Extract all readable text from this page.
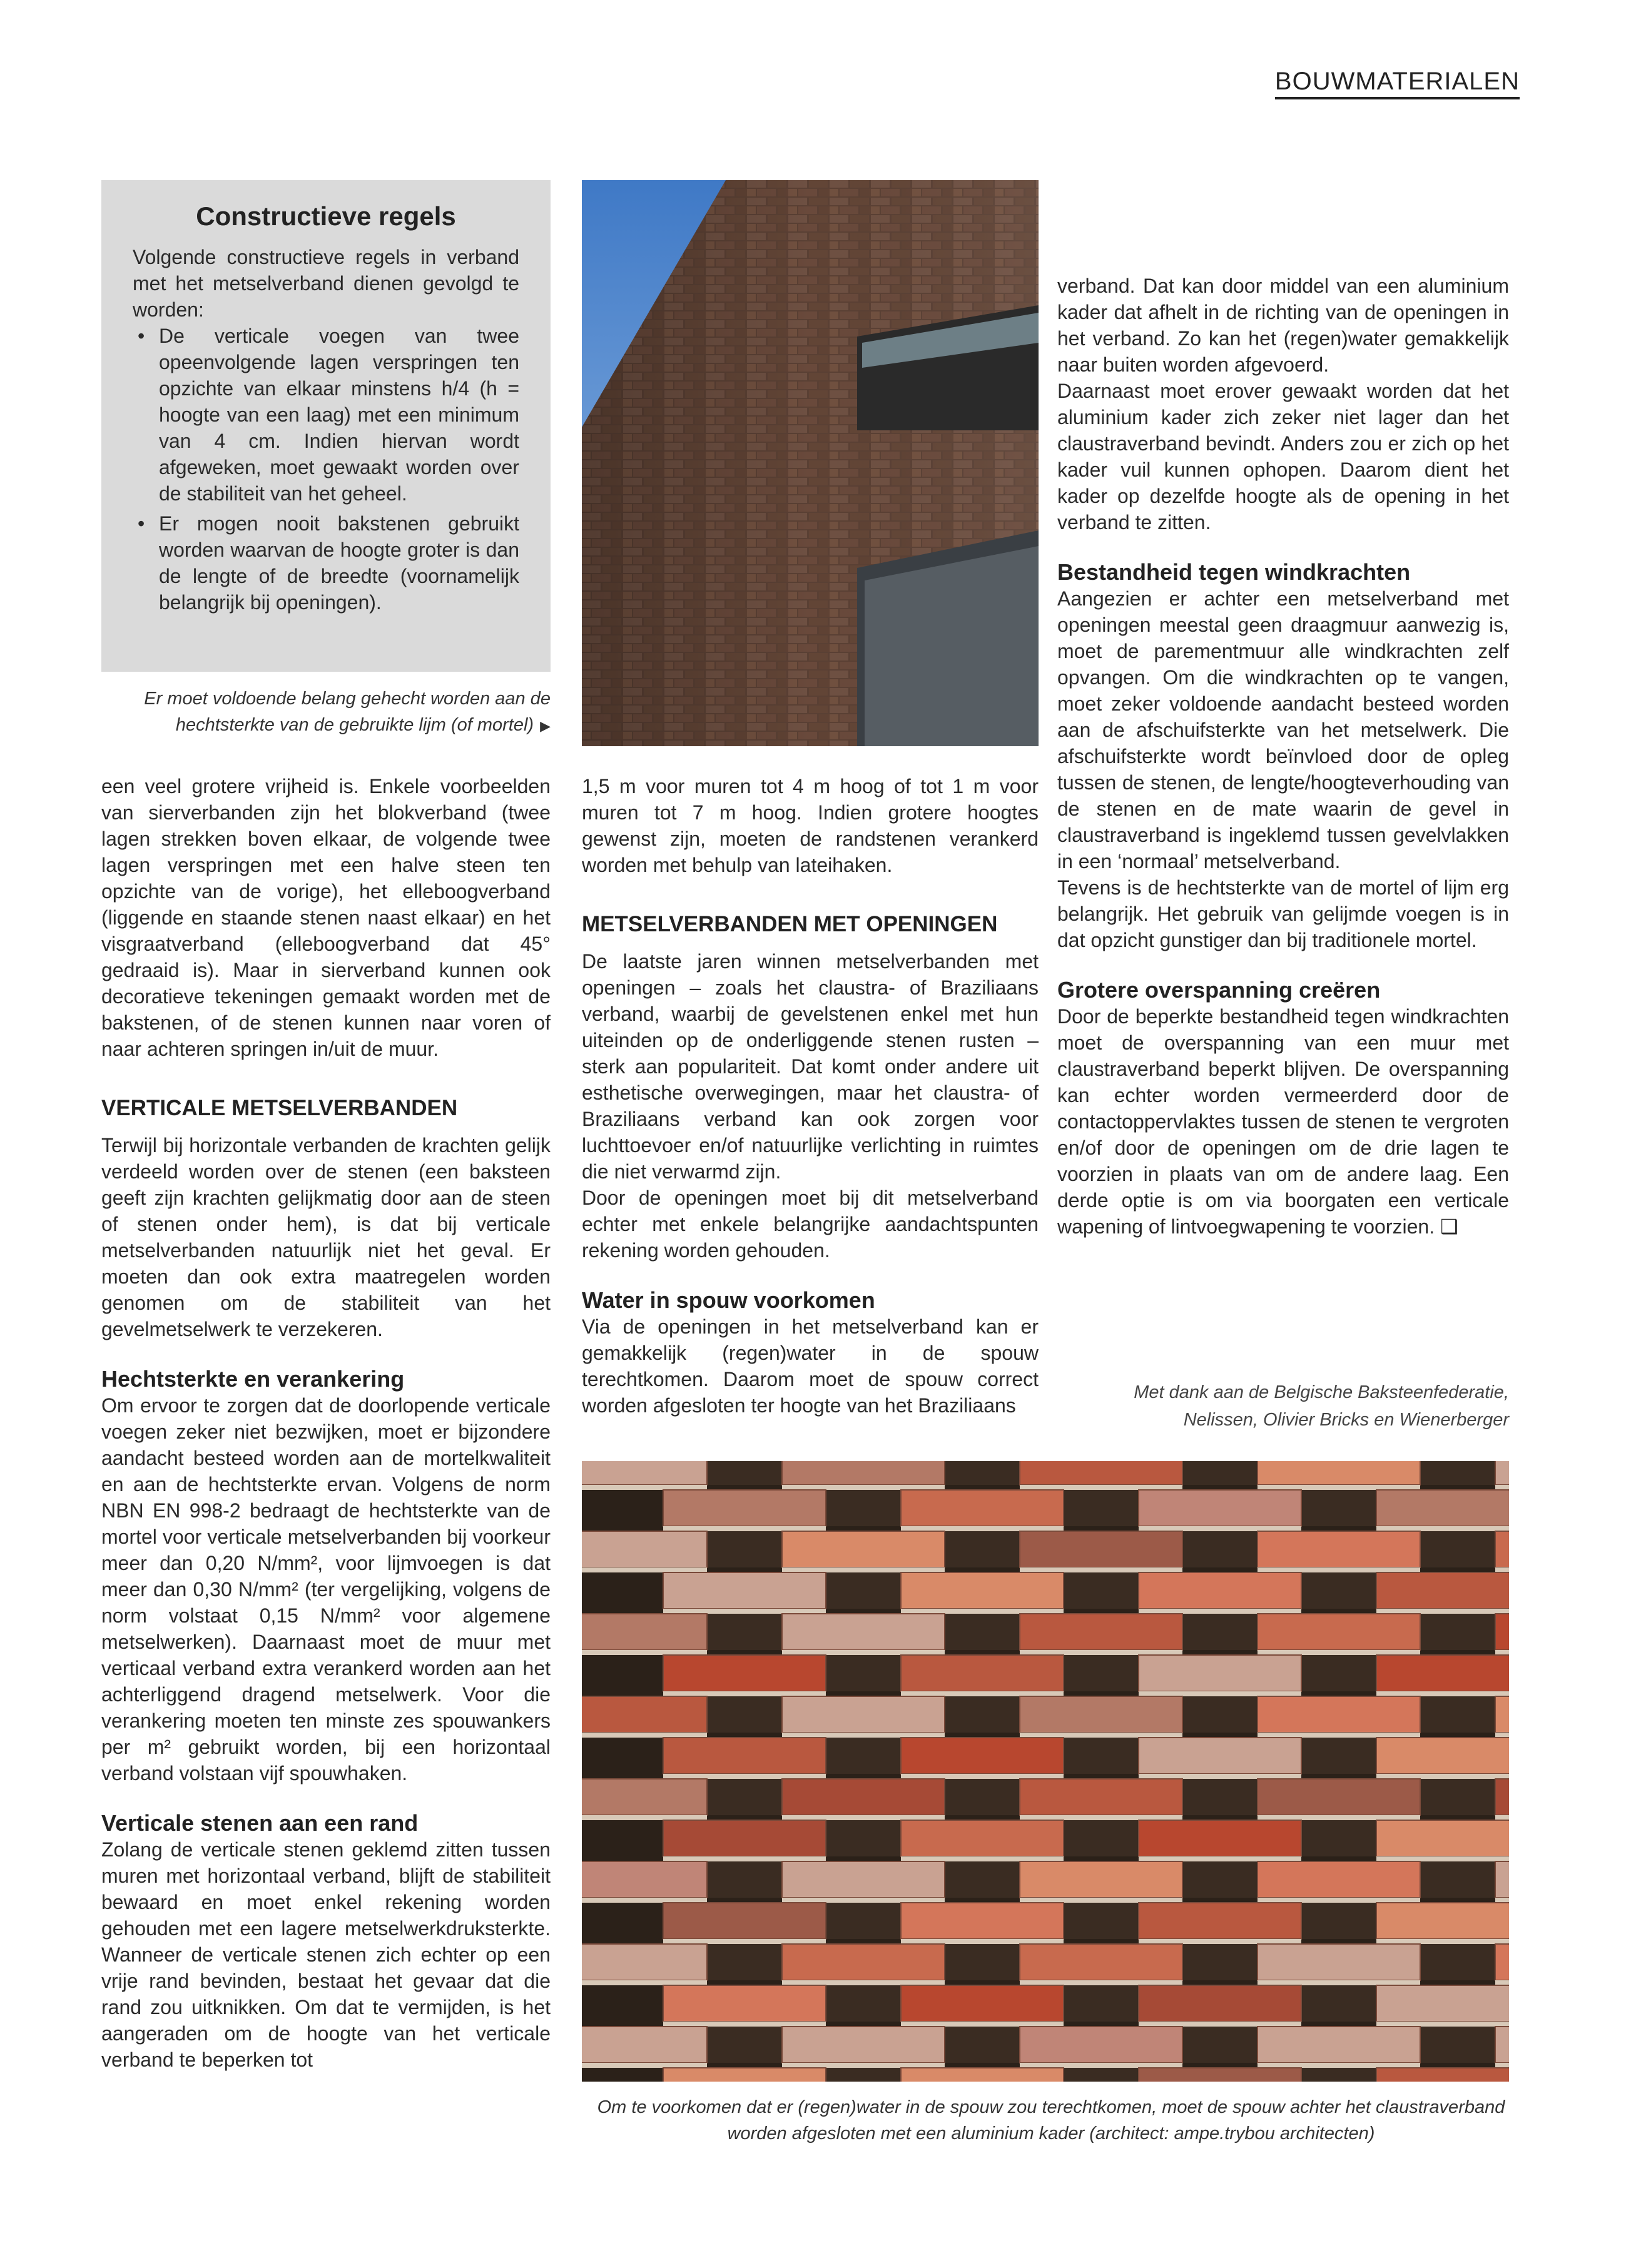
BOUWMATERIALEN
Constructieve regels

Volgende constructieve regels in verband met het metselverband dienen gevolgd te worden:

• De verticale voegen van twee opeenvolgende lagen verspringen ten opzichte van elkaar minstens h/4 (h = hoogte van een laag) met een minimum van 4 cm. Indien hiervan wordt afgeweken, moet gewaakt worden over de stabiliteit van het geheel.
• Er mogen nooit bakstenen gebruikt worden waarvan de hoogte groter is dan de lengte of de breedte (voornamelijk belangrijk bij openingen).
Er moet voldoende belang gehecht worden aan de hechtsterkte van de gebruikte lijm (of mortel) ▶

een veel grotere vrijheid is. Enkele voorbeelden van sierverbanden zijn het blokverband (twee lagen strekken boven elkaar, de volgende twee lagen verspringen met een halve steen ten opzichte van de vorige), het elleboogverband (liggende en staande stenen naast elkaar) en het visgraatverband (elleboogverband dat 45° gedraaid is). Maar in sierverband kunnen ook decoratieve tekeningen gemaakt worden met de bakstenen, of de stenen kunnen naar voren of naar achteren springen in/uit de muur.

VERTICALE METSELVERBANDEN

Terwijl bij horizontale verbanden de krachten gelijk verdeeld worden over de stenen (een baksteen geeft zijn krachten gelijkmatig door aan de steen of stenen onder hem), is dat bij verticale metselverbanden natuurlijk niet het geval. Er moeten dan ook extra maatregelen worden genomen om de stabiliteit van het gevelmetselwerk te verzekeren.

Hechtsterkte en verankering

Om ervoor te zorgen dat de doorlopende verticale voegen zeker niet bezwijken, moet er bijzondere aandacht besteed worden aan de mortelkwaliteit en aan de hechtsterkte ervan. Volgens de norm NBN EN 998-2 bedraagt de hechtsterkte van de mortel voor verticale metselverbanden bij voorkeur meer dan 0,20 N/mm², voor lijmvoegen is dat meer dan 0,30 N/mm² (ter vergelijking, volgens de norm volstaat 0,15 N/mm² voor algemene metselwerken). Daarnaast moet de muur met verticaal verband extra verankerd worden aan het achterliggend dragend metselwerk. Voor die verankering moeten ten minste zes spouwankers per m² gebruikt worden, bij een horizontaal verband volstaan vijf spouwhaken.

Verticale stenen aan een rand

Zolang de verticale stenen geklemd zitten tussen muren met horizontaal verband, blijft de stabiliteit bewaard en moet enkel rekening worden gehouden met een lagere metselwerkdruksterkte. Wanneer de verticale stenen zich echter op een vrije rand bevinden, bestaat het gevaar dat die rand zou uitknikken. Om dat te vermijden, is het aangeraden om de hoogte van het verticale verband te beperken tot

1,5 m voor muren tot 4 m hoog of tot 1 m voor muren tot 7 m hoog. Indien grotere hoogtes gewenst zijn, moeten de randstenen verankerd worden met behulp van lateihaken.

METSELVERBANDEN MET OPENINGEN

De laatste jaren winnen metselverbanden met openingen – zoals het claustra- of Braziliaans verband, waarbij de gevelstenen enkel met hun uiteinden op de onderliggende stenen rusten – sterk aan populariteit. Dat komt onder andere uit esthetische overwegingen, maar het claustra- of Braziliaans verband kan ook zorgen voor luchttoevoer en/of natuurlijke verlichting in ruimtes die niet verwarmd zijn.

Door de openingen moet bij dit metselverband echter met enkele belangrijke aandachtspunten rekening worden gehouden.

Water in spouw voorkomen

Via de openingen in het metselverband kan er gemakkelijk (regen)water in de spouw terechtkomen. Daarom moet de spouw correct worden afgesloten ter hoogte van het Braziliaans

verband. Dat kan door middel van een aluminium kader dat afhelt in de richting van de openingen in het verband. Zo kan het (regen)water gemakkelijk naar buiten worden afgevoerd.

Daarnaast moet erover gewaakt worden dat het aluminium kader zich zeker niet lager dan het claustraverband bevindt. Anders zou er zich op het kader vuil kunnen ophopen. Daarom dient het kader op dezelfde hoogte als de opening in het verband te zitten.

Bestandheid tegen windkrachten

Aangezien er achter een metselverband met openingen meestal geen draagmuur aanwezig is, moet de parementmuur alle windkrachten zelf opvangen. Om die windkrachten op te vangen, moet zeker voldoende aandacht besteed worden aan de afschuifsterkte van het metselwerk. Die afschuifsterkte wordt beïnvloed door de opleg tussen de stenen, de lengte/hoogteverhouding van de stenen en de mate waarin de gevel in claustraverband is ingeklemd tussen gevelvlakken in een ‘normaal’ metselverband.

Tevens is de hechtsterkte van de mortel of lijm erg belangrijk. Het gebruik van gelijmde voegen is in dat opzicht gunstiger dan bij traditionele mortel.

Grotere overspanning creëren

Door de beperkte bestandheid tegen windkrachten moet de overspanning van een muur met claustraverband beperkt blijven. De overspanning kan echter worden vermeerderd door de contactoppervlaktes tussen de stenen te vergroten en/of door de openingen om de drie lagen te voorzien in plaats van om de andere laag. Een derde optie is om via boorgaten een verticale wapening of lintvoegwapening te voorzien. ❑

Met dank aan de Belgische Baksteenfederatie, Nelissen, Olivier Bricks en Wienerberger
Om te voorkomen dat er (regen)water in de spouw zou terechtkomen, moet de spouw achter het claustraverband worden afgesloten met een aluminium kader (architect: ampe.trybou architecten)
